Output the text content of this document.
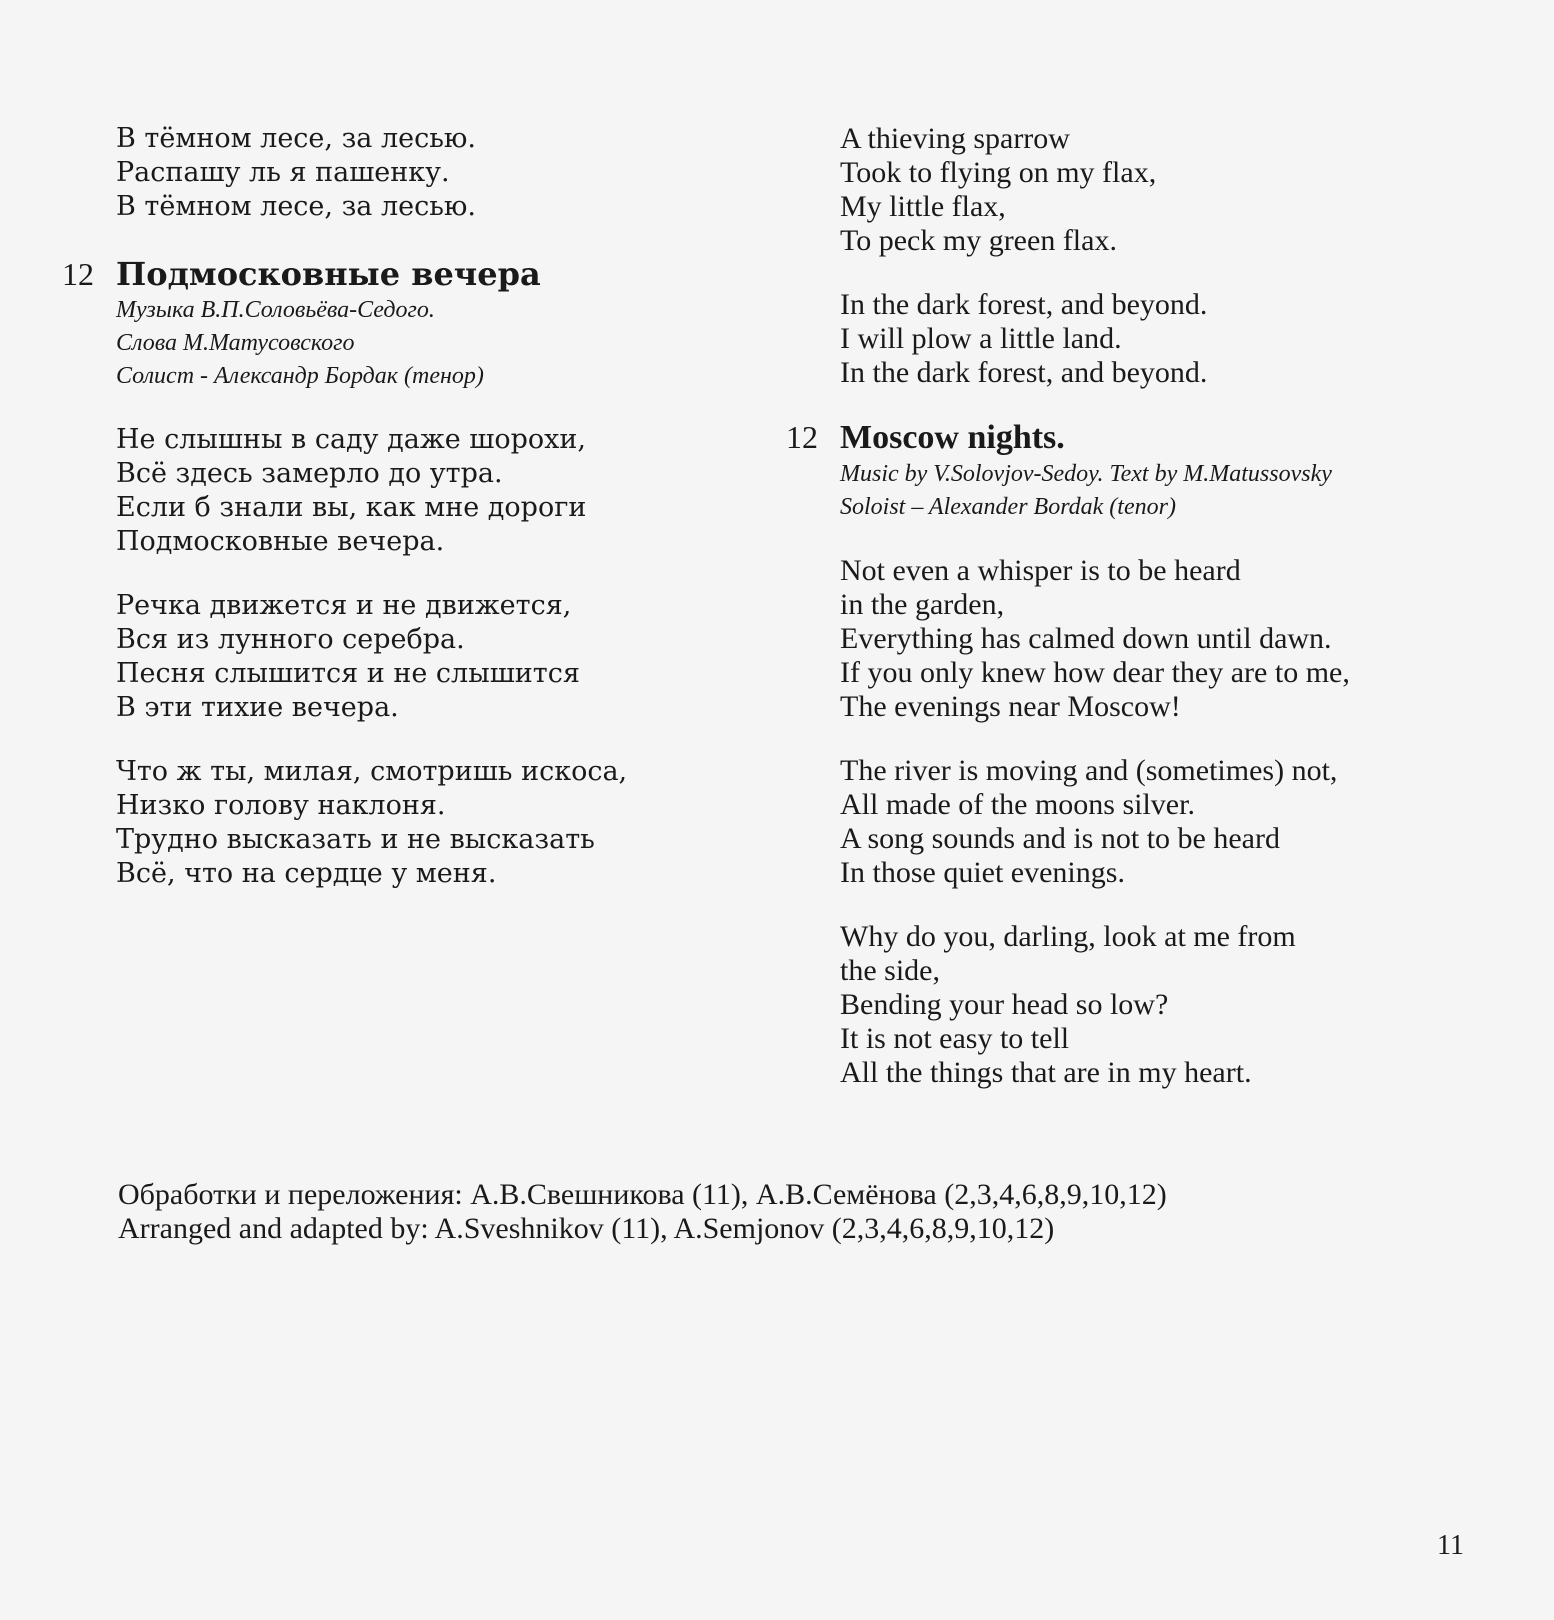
В тёмном лесе, за лесью.
Распашу ль я пашенку.
В тёмном лесе, за лесью.
12 Подмосковные вечера
Музыка В.П.Соловьёва-Седого.
Слова М.Матусовского
Солист - Александр Бордак (тенор)
Не слышны в саду даже шорохи,
Всё здесь замерло до утра.
Если б знали вы, как мне дороги
Подмосковные вечера.
Речка движется и не движется,
Вся из лунного серебра.
Песня слышится и не слышится
В эти тихие вечера.
Что ж ты, милая, смотришь искоса,
Низко голову наклоня.
Трудно высказать и не высказать
Всё, что на сердце у меня.
A thieving sparrow
Took to flying on my flax,
My little flax,
To peck my green flax.
In the dark forest, and beyond.
I will plow a little land.
In the dark forest, and beyond.
12 Moscow nights.
Music by V.Solovjov-Sedoy. Text by M.Matussovsky
Soloist – Alexander Bordak (tenor)
Not even a whisper is to be heard
in the garden,
Everything has calmed down until dawn.
If you only knew how dear they are to me,
The evenings near Moscow!
The river is moving and (sometimes) not,
All made of the moons silver.
A song sounds and is not to be heard
In those quiet evenings.
Why do you, darling, look at me from
the side,
Bending your head so low?
It is not easy to tell
All the things that are in my heart.
Обработки и переложения: А.В.Свешникова (11), А.В.Семёнова (2,3,4,6,8,9,10,12)
Arranged and adapted by: A.Sveshnikov (11), A.Semjonov (2,3,4,6,8,9,10,12)
11
